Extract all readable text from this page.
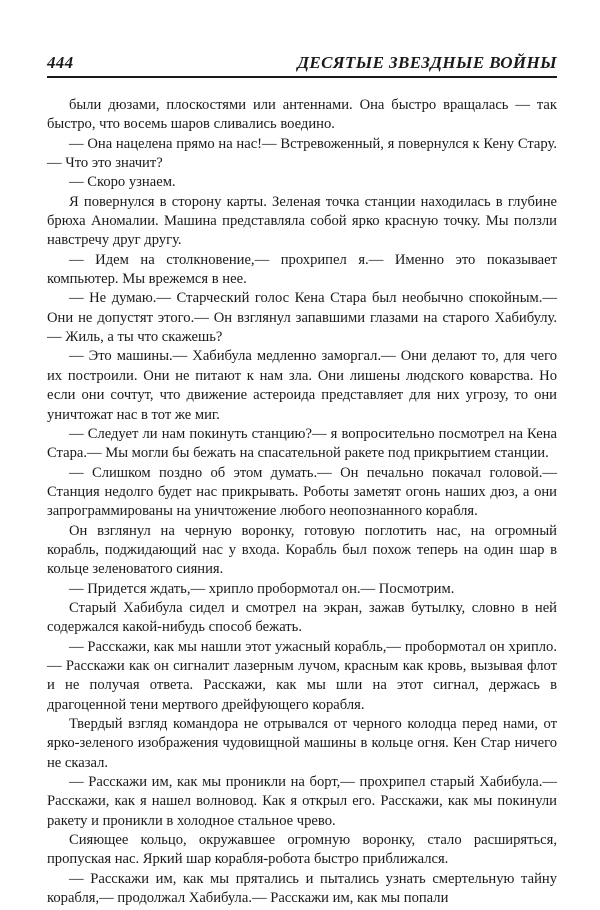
444	ДЕСЯТЫЕ ЗВЕЗДНЫЕ ВОЙНЫ

были дюзами, плоскостями или антеннами. Она быстро вращалась — так быстро, что восемь шаров сливались воедино.

— Она нацелена прямо на нас!— Встревоженный, я повернулся к Кену Стару.— Что это значит?

— Скоро узнаем.

Я повернулся в сторону карты. Зеленая точка станции находилась в глубине брюха Аномалии. Машина представляла собой ярко красную точку. Мы ползли навстречу друг другу.

— Идем на столкновение,— прохрипел я.— Именно это показывает компьютер. Мы врежемся в нее.

— Не думаю.— Старческий голос Кена Стара был необычно спокойным.— Они не допустят этого.— Он взглянул запавшими глазами на старого Хабибулу.— Жиль, а ты что скажешь?

— Это машины.— Хабибула медленно заморгал.— Они делают то, для чего их построили. Они не питают к нам зла. Они лишены людского коварства. Но если они сочтут, что движение астероида представляет для них угрозу, то они уничтожат нас в тот же миг.

— Следует ли нам покинуть станцию?— я вопросительно посмотрел на Кена Стара.— Мы могли бы бежать на спасательной ракете под прикрытием станции.

— Слишком поздно об этом думать.— Он печально покачал головой.— Станция недолго будет нас прикрывать. Роботы заметят огонь наших дюз, а они запрограммированы на уничтожение любого неопознанного корабля.

Он взглянул на черную воронку, готовую поглотить нас, на огромный корабль, поджидающий нас у входа. Корабль был похож теперь на один шар в кольце зеленоватого сияния.

— Придется ждать,— хрипло пробормотал он.— Посмотрим.

Старый Хабибула сидел и смотрел на экран, зажав бутылку, словно в ней содержался какой-нибудь способ бежать.

— Расскажи, как мы нашли этот ужасный корабль,— пробормотал он хрипло.— Расскажи как он сигналит лазерным лучом, красным как кровь, вызывая флот и не получая ответа. Расскажи, как мы шли на этот сигнал, держась в драгоценной тени мертвого дрейфующего корабля.

Твердый взгляд командора не отрывался от черного колодца перед нами, от ярко-зеленого изображения чудовищной машины в кольце огня. Кен Стар ничего не сказал.

— Расскажи им, как мы проникли на борт,— прохрипел старый Хабибула.— Расскажи, как я нашел волновод. Как я открыл его. Расскажи, как мы покинули ракету и проникли в холодное стальное чрево.

Сияющее кольцо, окружавшее огромную воронку, стало расширяться, пропуская нас. Яркий шар корабля-робота быстро приближался.

— Расскажи им, как мы прятались и пытались узнать смертельную тайну корабля,— продолжал Хабибула.— Расскажи им, как мы попали
